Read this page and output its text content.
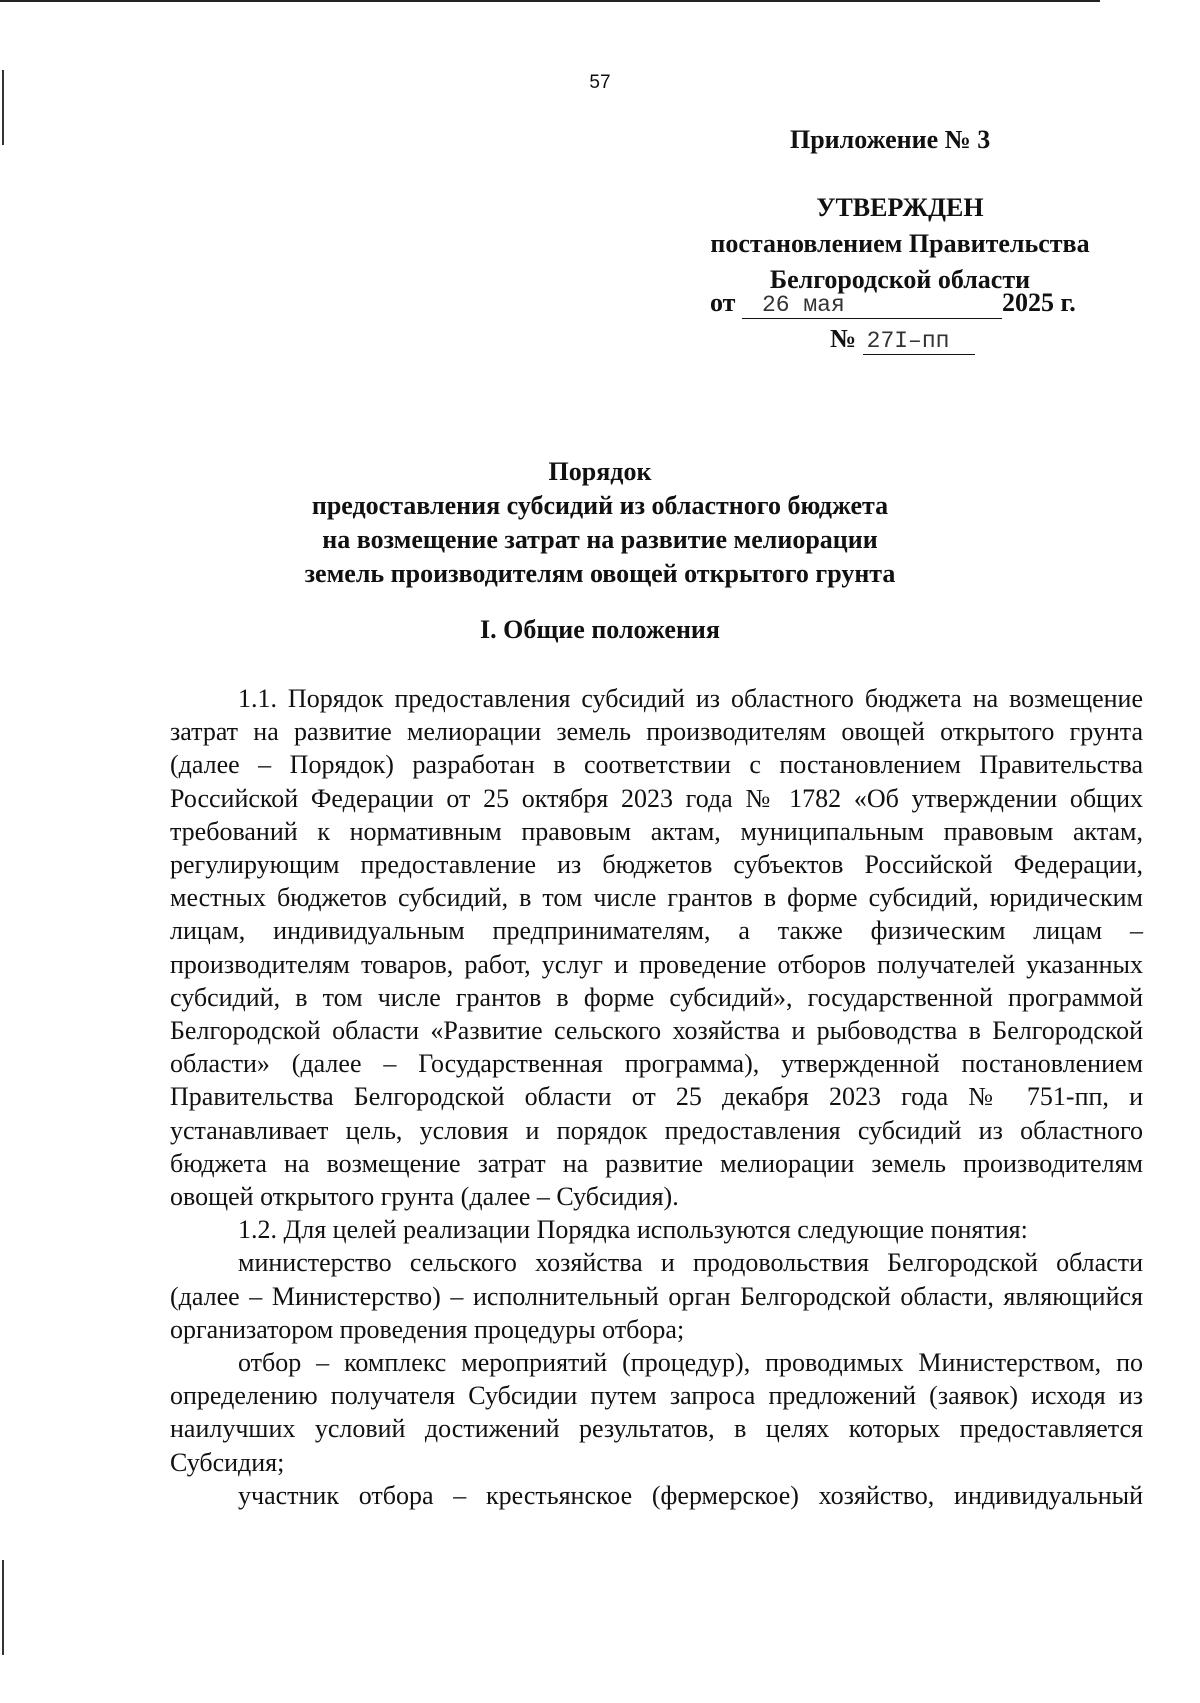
57
Приложение № 3
УТВЕРЖДЕН
постановлением Правительства
Белгородской области
от 26 мая	2025 г.
№ 27I–пп
Порядок
предоставления субсидий из областного бюджета
на возмещение затрат на развитие мелиорации
земель производителям овощей открытого грунта
I. Общие положения

1.1. Порядок предоставления субсидий из областного бюджета на возмещение затрат на развитие мелиорации земель производителям овощей открытого грунта (далее – Порядок) разработан в соответствии с постановлением Правительства Российской Федерации от 25 октября 2023 года № 1782 «Об утверждении общих требований к нормативным правовым актам, муниципальным правовым актам, регулирующим предоставление из бюджетов субъектов Российской Федерации, местных бюджетов субсидий, в том числе грантов в форме субсидий, юридическим лицам, индивидуальным предпринимателям, а также физическим лицам – производителям товаров, работ, услуг и проведение отборов получателей указанных субсидий, в том числе грантов в форме субсидий», государственной программой Белгородской области «Развитие сельского хозяйства и рыбоводства в Белгородской области» (далее – Государственная программа), утвержденной постановлением Правительства Белгородской области от 25 декабря 2023 года № 751-пп, и устанавливает цель, условия и порядок предоставления субсидий из областного бюджета на возмещение затрат на развитие мелиорации земель производителям овощей открытого грунта (далее – Субсидия).

1.2. Для целей реализации Порядка используются следующие понятия:

министерство сельского хозяйства и продовольствия Белгородской области (далее – Министерство) – исполнительный орган Белгородской области, являющийся организатором проведения процедуры отбора;

отбор – комплекс мероприятий (процедур), проводимых Министерством, по определению получателя Субсидии путем запроса предложений (заявок) исходя из наилучших условий достижений результатов, в целях которых предоставляется Субсидия;

участник отбора – крестьянское (фермерское) хозяйство, индивидуальный
